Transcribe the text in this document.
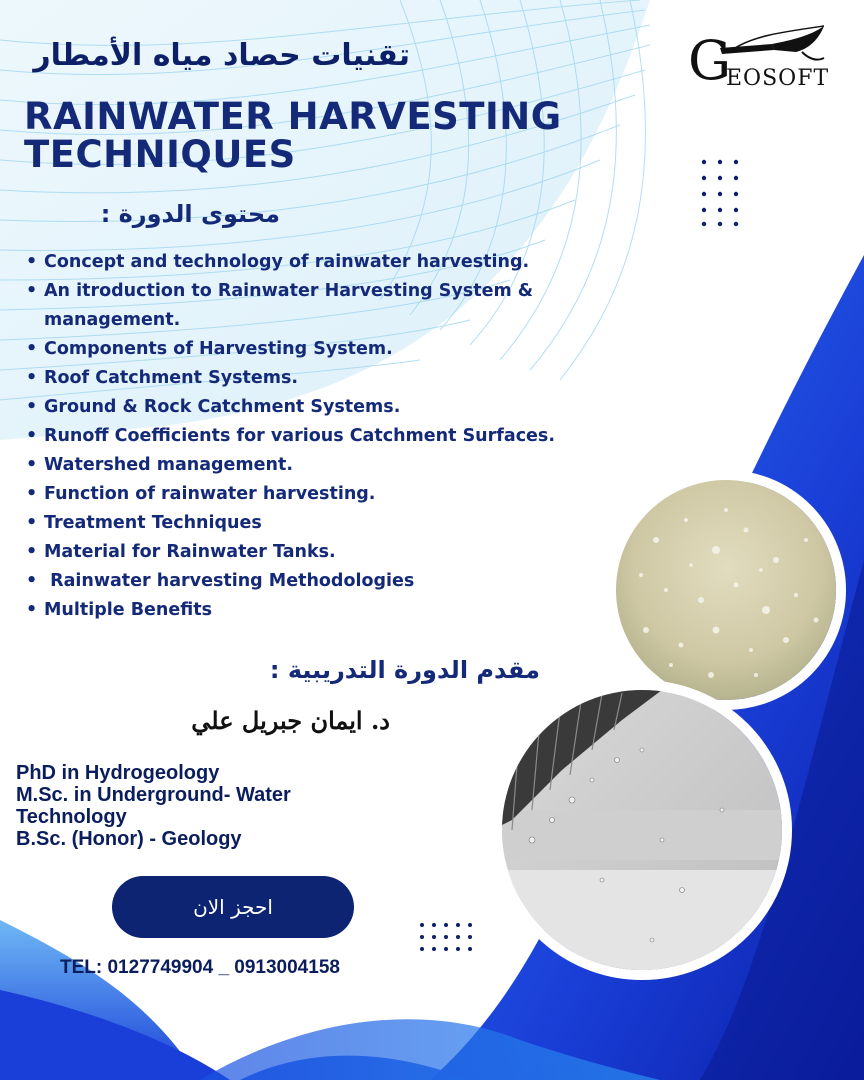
تقنيات حصاد مياه الأمطار
RAINWATER HARVESTING TECHNIQUES
G
EOSOFT
محتوى الدورة :
• Concept and technology of rainwater harvesting.
• An itroduction to Rainwater Harvesting System & management.
• Components of Harvesting System.
• Roof Catchment Systems.
• Ground & Rock Catchment Systems.
• Runoff Coefficients for various Catchment Surfaces.
• Watershed management.
• Function of rainwater harvesting.
• Treatment Techniques
• Material for Rainwater Tanks.
•  Rainwater harvesting Methodologies
• Multiple Benefits
مقدم الدورة التدريبية :
د. ايمان جبريل علي
PhD in Hydrogeology
M.Sc. in Underground- Water Technology
B.Sc. (Honor) - Geology
احجز الان
TEL: 0127749904 _ 0913004158
